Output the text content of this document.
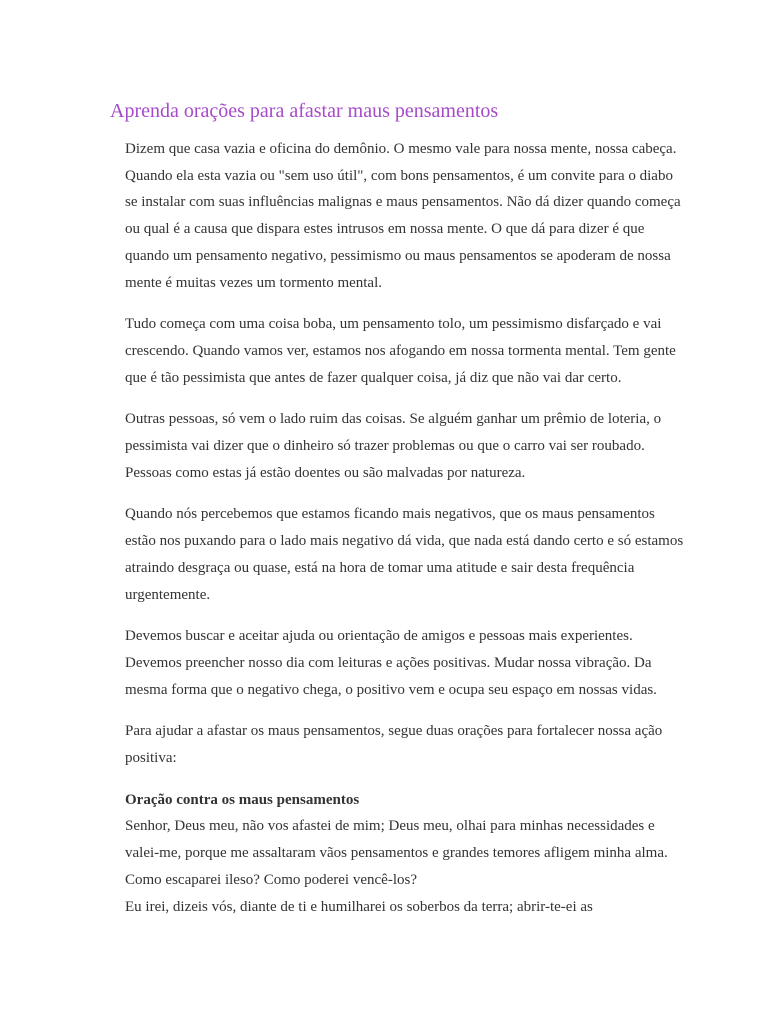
Aprenda orações para afastar maus pensamentos

Dizem que casa vazia e oficina do demônio. O mesmo vale para nossa mente, nossa cabeça. Quando ela esta vazia ou "sem uso útil", com bons pensamentos, é um convite para o diabo se instalar com suas influências malignas e maus pensamentos. Não dá dizer quando começa ou qual é a causa que dispara estes intrusos em nossa mente. O que dá para dizer é que quando um pensamento negativo, pessimismo ou maus pensamentos se apoderam de nossa mente é muitas vezes um tormento mental.

Tudo começa com uma coisa boba, um pensamento tolo, um pessimismo disfarçado e vai crescendo. Quando vamos ver, estamos nos afogando em nossa tormenta mental. Tem gente que é tão pessimista que antes de fazer qualquer coisa, já diz que não vai dar certo.

Outras pessoas, só vem o lado ruim das coisas. Se alguém ganhar um prêmio de loteria, o pessimista vai dizer que o dinheiro só trazer problemas ou que o carro vai ser roubado. Pessoas como estas já estão doentes ou são malvadas por natureza.

Quando nós percebemos que estamos ficando mais negativos, que os maus pensamentos estão nos puxando para o lado mais negativo dá vida, que nada está dando certo e só estamos atraindo desgraça ou quase, está na hora de tomar uma atitude e sair desta frequência urgentemente.

Devemos buscar e aceitar ajuda ou orientação de amigos e pessoas mais experientes. Devemos preencher nosso dia com leituras e ações positivas. Mudar nossa vibração. Da mesma forma que o negativo chega, o positivo vem e ocupa seu espaço em nossas vidas.

Para ajudar a afastar os maus pensamentos, segue duas orações para fortalecer nossa ação positiva:

Oração contra os maus pensamentos
Senhor, Deus meu, não vos afastei de mim; Deus meu, olhai para minhas necessidades e valei-me, porque me assaltaram vãos pensamentos e grandes temores afligem minha alma. Como escaparei ileso? Como poderei vencê-los?
Eu irei, dizeis vós, diante de ti e humilharei os soberbos da terra; abrir-te-ei as
